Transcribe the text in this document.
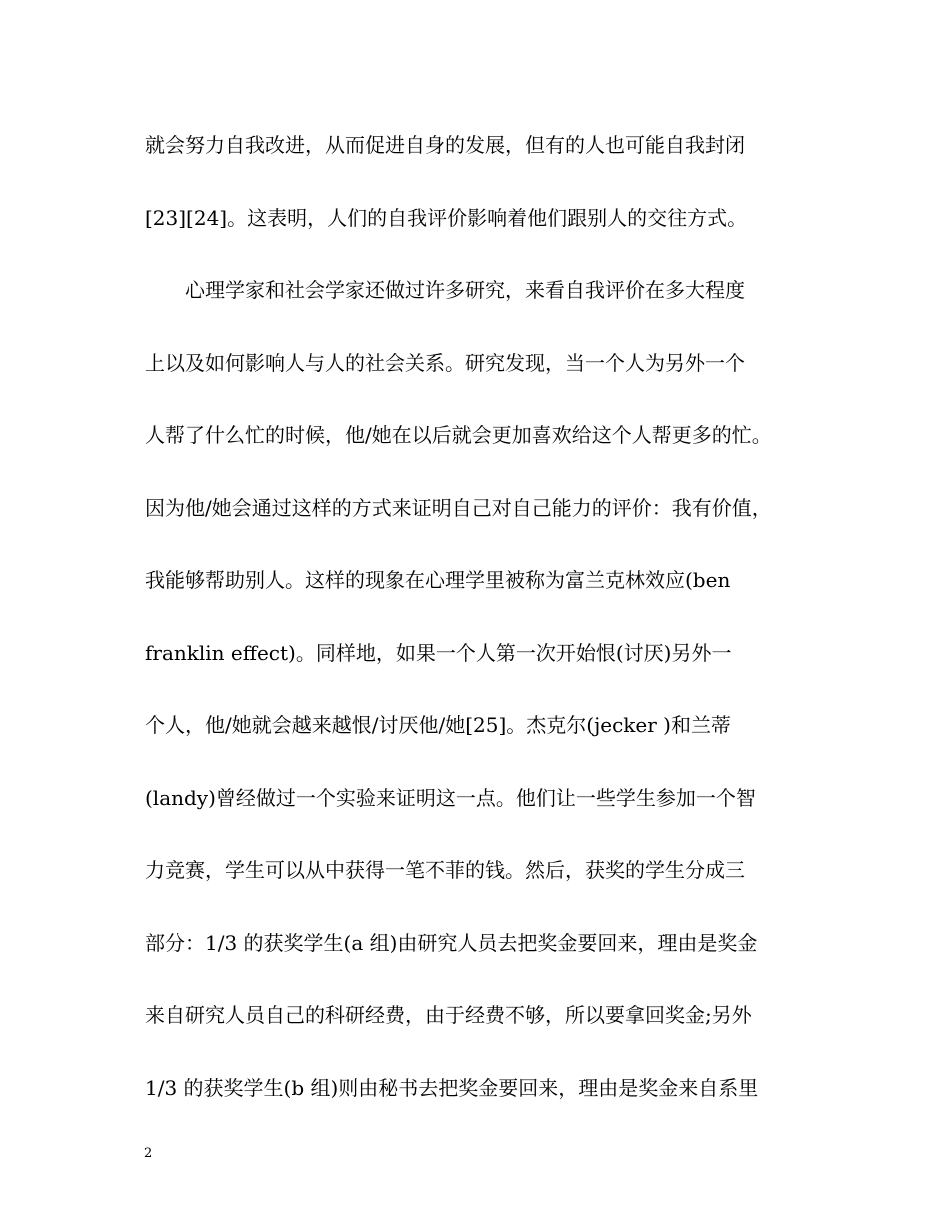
就会努力自我改进，从而促进自身的发展，但有的人也可能自我封闭
[23][24]。这表明，人们的自我评价影响着他们跟别人的交往方式。
心理学家和社会学家还做过许多研究，来看自我评价在多大程度
上以及如何影响人与人的社会关系。研究发现，当一个人为另外一个
人帮了什么忙的时候，他/她在以后就会更加喜欢给这个人帮更多的忙。
因为他/她会通过这样的方式来证明自己对自己能力的评价：我有价值，
我能够帮助别人。这样的现象在心理学里被称为富兰克林效应(ben
franklin effect)。同样地，如果一个人第一次开始恨(讨厌)另外一
个人，他/她就会越来越恨/讨厌他/她[25]。杰克尔(jecker )和兰蒂
(landy)曾经做过一个实验来证明这一点。他们让一些学生参加一个智
力竞赛，学生可以从中获得一笔不菲的钱。然后，获奖的学生分成三
部分：1/3 的获奖学生(a 组)由研究人员去把奖金要回来，理由是奖金
来自研究人员自己的科研经费，由于经费不够，所以要拿回奖金;另外
1/3 的获奖学生(b 组)则由秘书去把奖金要回来，理由是奖金来自系里
2
